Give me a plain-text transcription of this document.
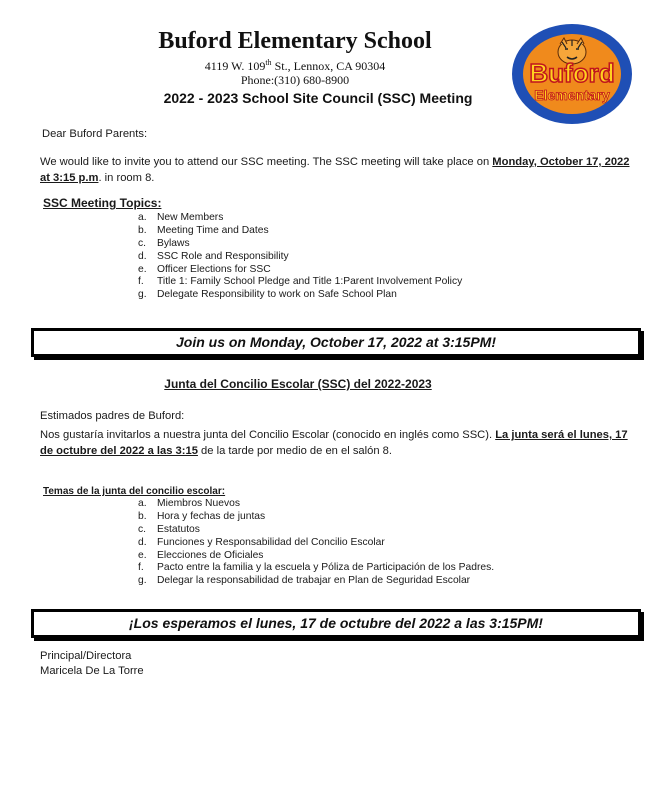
Buford Elementary School
4119 W. 109th St., Lennox, CA 90304
Phone:(310) 680-8900
2022 - 2023 School Site Council (SSC) Meeting
Buford
Elementary
Dear Buford Parents:
We would like to invite you to attend our SSC meeting. The SSC meeting will take place on Monday, October 17, 2022 at 3:15 p.m. in room 8.
SSC Meeting Topics:
a. New Members
b. Meeting Time and Dates
c. Bylaws
d. SSC Role and Responsibility
e. Officer Elections for SSC
f. Title 1: Family School Pledge and Title 1:Parent Involvement Policy
g. Delegate Responsibility to work on Safe School Plan
Join us on Monday, October 17, 2022 at 3:15PM!
Junta del Concilio Escolar (SSC) del 2022-2023
Estimados padres de Buford:
Nos gustaría invitarlos a nuestra junta del Concilio Escolar (conocido en inglés como SSC). La junta será el lunes, 17 de octubre del 2022 a las 3:15 de la tarde por medio de en el salón 8.
Temas de la junta del concilio escolar:
a. Miembros Nuevos
b. Hora y fechas de juntas
c. Estatutos
d. Funciones y Responsabilidad del Concilio Escolar
e. Elecciones de Oficiales
f. Pacto entre la familia y la escuela y Póliza de Participación de los Padres.
g. Delegar la responsabilidad de trabajar en Plan de Seguridad Escolar
¡Los esperamos el lunes, 17 de octubre del 2022 a las 3:15PM!
Principal/Directora
Maricela De La Torre
